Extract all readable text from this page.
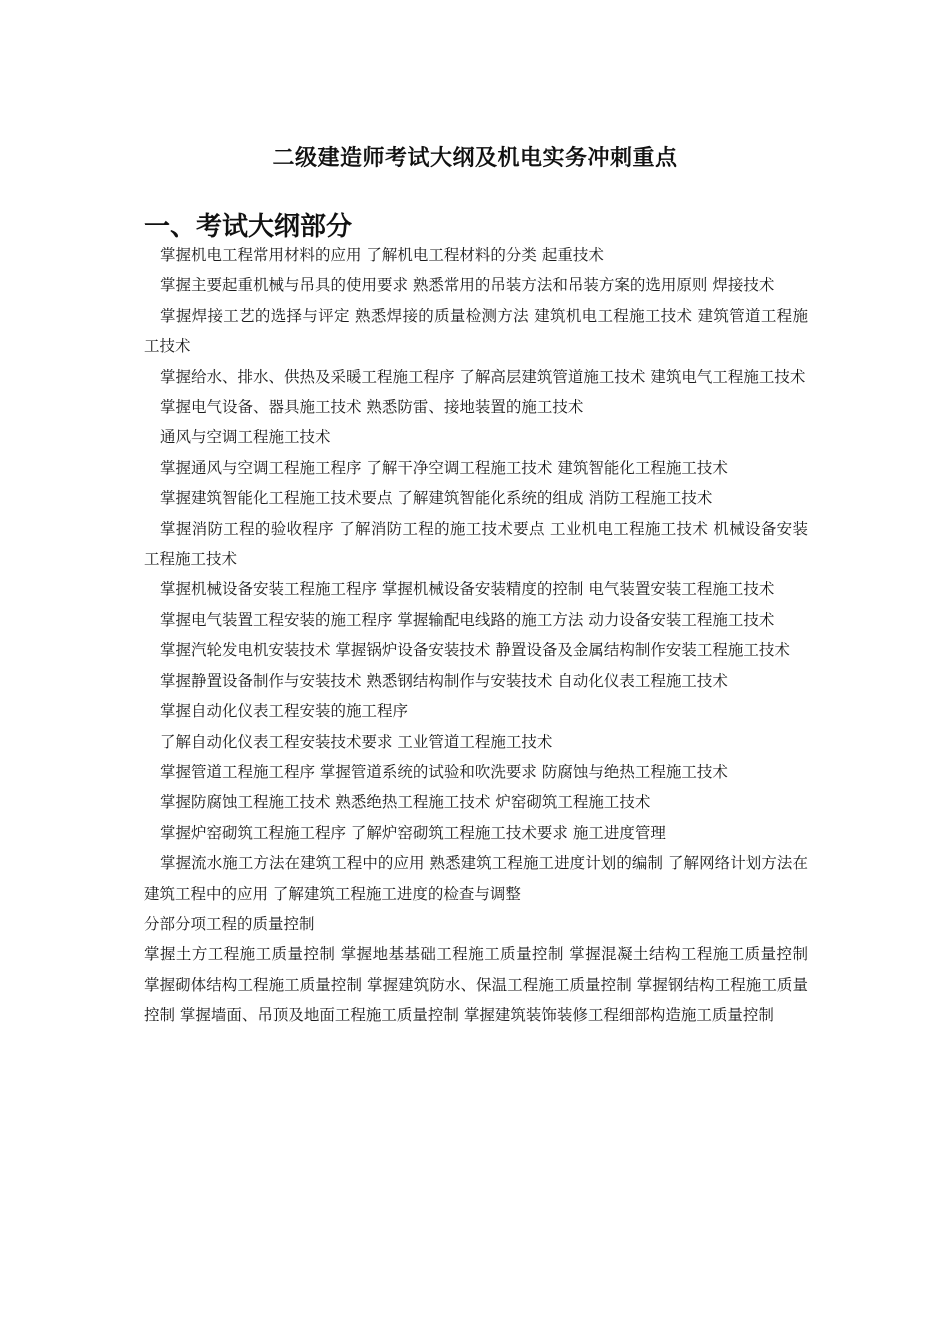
二级建造师考试大纲及机电实务冲刺重点
一、考试大纲部分

掌握机电工程常用材料的应用 了解机电工程材料的分类 起重技术

掌握主要起重机械与吊具的使用要求 熟悉常用的吊装方法和吊装方案的选用原则 焊接技术

掌握焊接工艺的选择与评定 熟悉焊接的质量检测方法 建筑机电工程施工技术 建筑管道工程施工技术

掌握给水、排水、供热及采暖工程施工程序 了解高层建筑管道施工技术 建筑电气工程施工技术

掌握电气设备、器具施工技术 熟悉防雷、接地装置的施工技术

通风与空调工程施工技术

掌握通风与空调工程施工程序 了解干净空调工程施工技术 建筑智能化工程施工技术

掌握建筑智能化工程施工技术要点 了解建筑智能化系统的组成 消防工程施工技术

掌握消防工程的验收程序 了解消防工程的施工技术要点 工业机电工程施工技术 机械设备安装工程施工技术

掌握机械设备安装工程施工程序 掌握机械设备安装精度的控制 电气装置安装工程施工技术

掌握电气装置工程安装的施工程序 掌握输配电线路的施工方法 动力设备安装工程施工技术

掌握汽轮发电机安装技术 掌握锅炉设备安装技术 静置设备及金属结构制作安装工程施工技术

掌握静置设备制作与安装技术 熟悉钢结构制作与安装技术 自动化仪表工程施工技术

掌握自动化仪表工程安装的施工程序

了解自动化仪表工程安装技术要求 工业管道工程施工技术

掌握管道工程施工程序 掌握管道系统的试验和吹洗要求 防腐蚀与绝热工程施工技术

掌握防腐蚀工程施工技术 熟悉绝热工程施工技术 炉窑砌筑工程施工技术

掌握炉窑砌筑工程施工程序 了解炉窑砌筑工程施工技术要求 施工进度管理

掌握流水施工方法在建筑工程中的应用 熟悉建筑工程施工进度计划的编制 了解网络计划方法在建筑工程中的应用 了解建筑工程施工进度的检查与调整

分部分项工程的质量控制

掌握土方工程施工质量控制 掌握地基基础工程施工质量控制 掌握混凝土结构工程施工质量控制 掌握砌体结构工程施工质量控制 掌握建筑防水、保温工程施工质量控制 掌握钢结构工程施工质量控制 掌握墙面、吊顶及地面工程施工质量控制 掌握建筑装饰装修工程细部构造施工质量控制
